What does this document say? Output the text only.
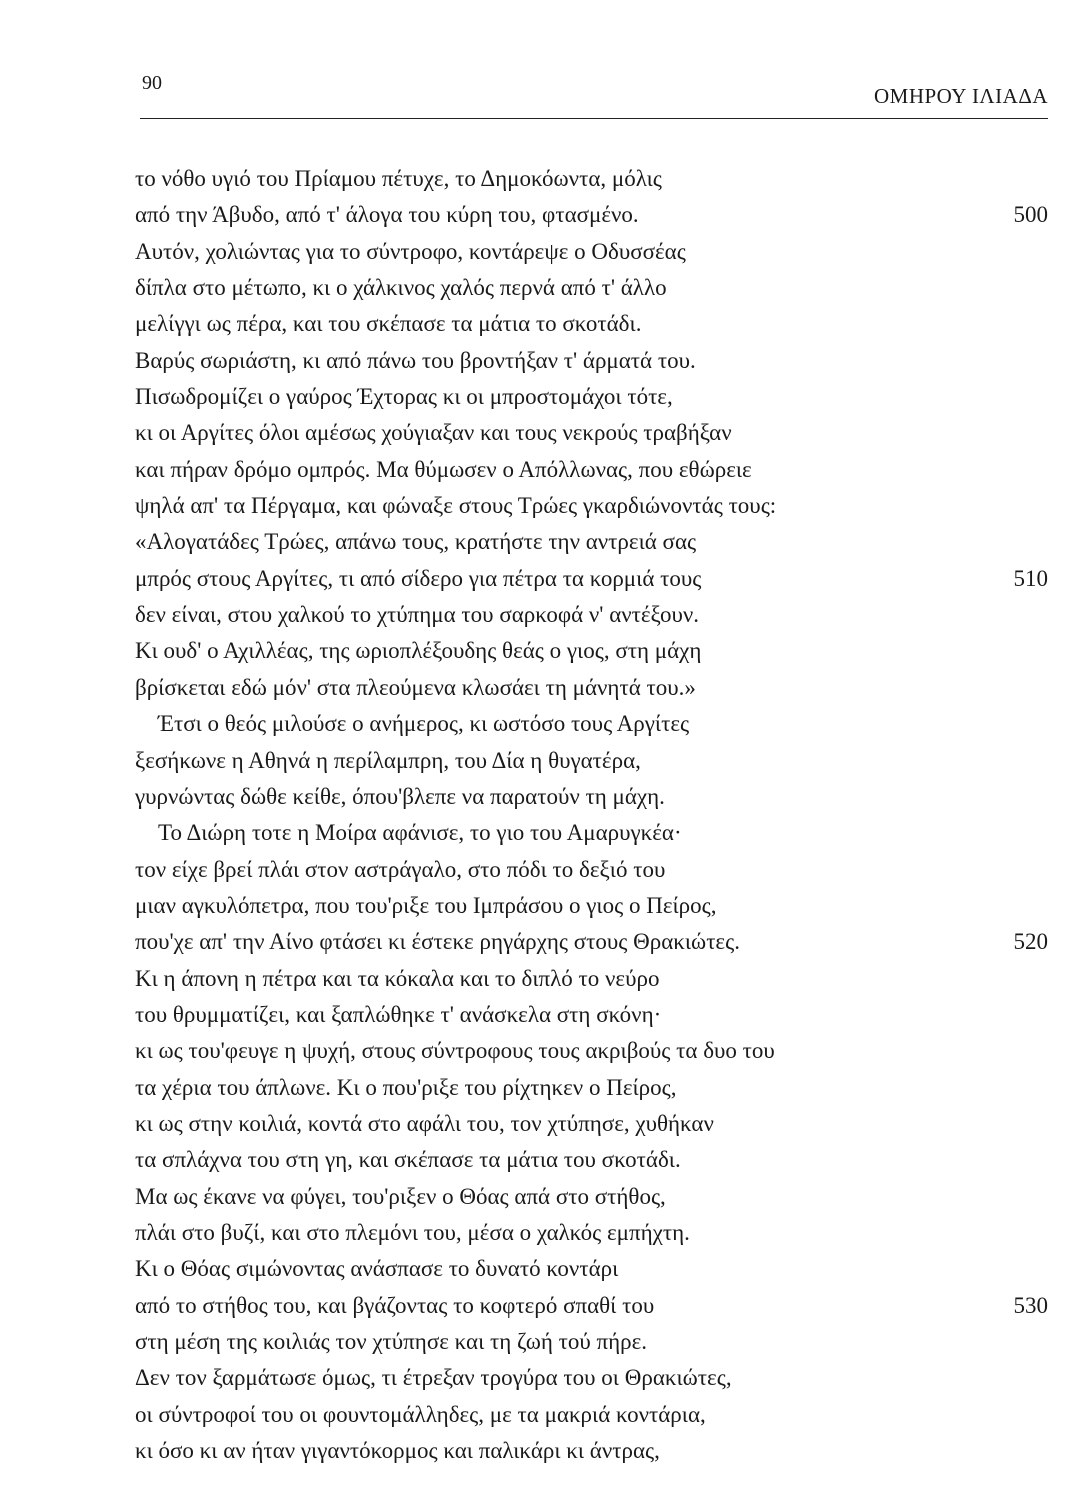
90
ΟΜΗΡΟΥ ΙΛΙΑΔΑ
το νόθο υγιό του Πρίαμου πέτυχε, το Δημοκόωντα, μόλις
από την Άβυδο, από τ' άλογα του κύρη του, φτασμένο.	500
Αυτόν, χολιώντας για το σύντροφο, κοντάρεψε ο Οδυσσέας
δίπλα στο μέτωπο, κι ο χάλκινος χαλός περνά από τ' άλλο
μελίγγι ως πέρα, και του σκέπασε τα μάτια το σκοτάδι.
Βαρύς σωριάστη, κι από πάνω του βροντήξαν τ' άρματά του.
Πισωδρομίζει ο γαύρος Έχτορας κι οι μπροστομάχοι τότε,
κι οι Αργίτες όλοι αμέσως χούγιαξαν και τους νεκρούς τραβήξαν
και πήραν δρόμο ομπρός. Μα θύμωσεν ο Απόλλωνας, που εθώρειε
ψηλά απ' τα Πέργαμα, και φώναξε στους Τρώες γκαρδιώνοντάς τους:
«Αλογατάδες Τρώες, απάνω τους, κρατήστε την αντρειά σας
μπρός στους Αργίτες, τι από σίδερο για πέτρα τα κορμιά τους	510
δεν είναι, στου χαλκού το χτύπημα του σαρκοφά ν' αντέξουν.
Κι ουδ' ο Αχιλλέας, της ωριοπλέξουδης θεάς ο γιος, στη μάχη
βρίσκεται εδώ μόν' στα πλεούμενα κλωσάει τη μάνητά του.»
Έτσι ο θεός μιλούσε ο ανήμερος, κι ωστόσο τους Αργίτες
ξεσήκωνε η Αθηνά η περίλαμπρη, του Δία η θυγατέρα,
γυρνώντας δώθε κείθε, όπου'βλεπε να παρατούν τη μάχη.
Το Διώρη τοτε η Μοίρα αφάνισε, το γιο του Αμαρυγκέα·
τον είχε βρεί πλάι στον αστράγαλο, στο πόδι το δεξιό του
μιαν αγκυλόπετρα, που του'ριξε του Ιμπράσου ο γιος ο Πείρος,
που'χε απ' την Αίνο φτάσει κι έστεκε ρηγάρχης στους Θρακιώτες.	520
Κι η άπονη η πέτρα και τα κόκαλα και το διπλό το νεύρο
του θρυμματίζει, και ξαπλώθηκε τ' ανάσκελα στη σκόνη·
κι ως του'φευγε η ψυχή, στους σύντροφους τους ακριβούς τα δυο του
τα χέρια του άπλωνε. Κι ο που'ριξε του ρίχτηκεν ο Πείρος,
κι ως στην κοιλιά, κοντά στο αφάλι του, τον χτύπησε, χυθήκαν
τα σπλάχνα του στη γη, και σκέπασε τα μάτια του σκοτάδι.
Μα ως έκανε να φύγει, του'ριξεν ο Θόας απά στο στήθος,
πλάι στο βυζί, και στο πλεμόνι του, μέσα ο χαλκός εμπήχτη.
Κι ο Θόας σιμώνοντας ανάσπασε το δυνατό κοντάρι
από το στήθος του, και βγάζοντας το κοφτερό σπαθί του	530
στη μέση της κοιλιάς τον χτύπησε και τη ζωή τού πήρε.
Δεν τον ξαρμάτωσε όμως, τι έτρεξαν τρογύρα του οι Θρακιώτες,
οι σύντροφοί του οι φουντομάλληδες, με τα μακριά κοντάρια,
κι όσο κι αν ήταν γιγαντόκορμος και παλικάρι κι άντρας,
